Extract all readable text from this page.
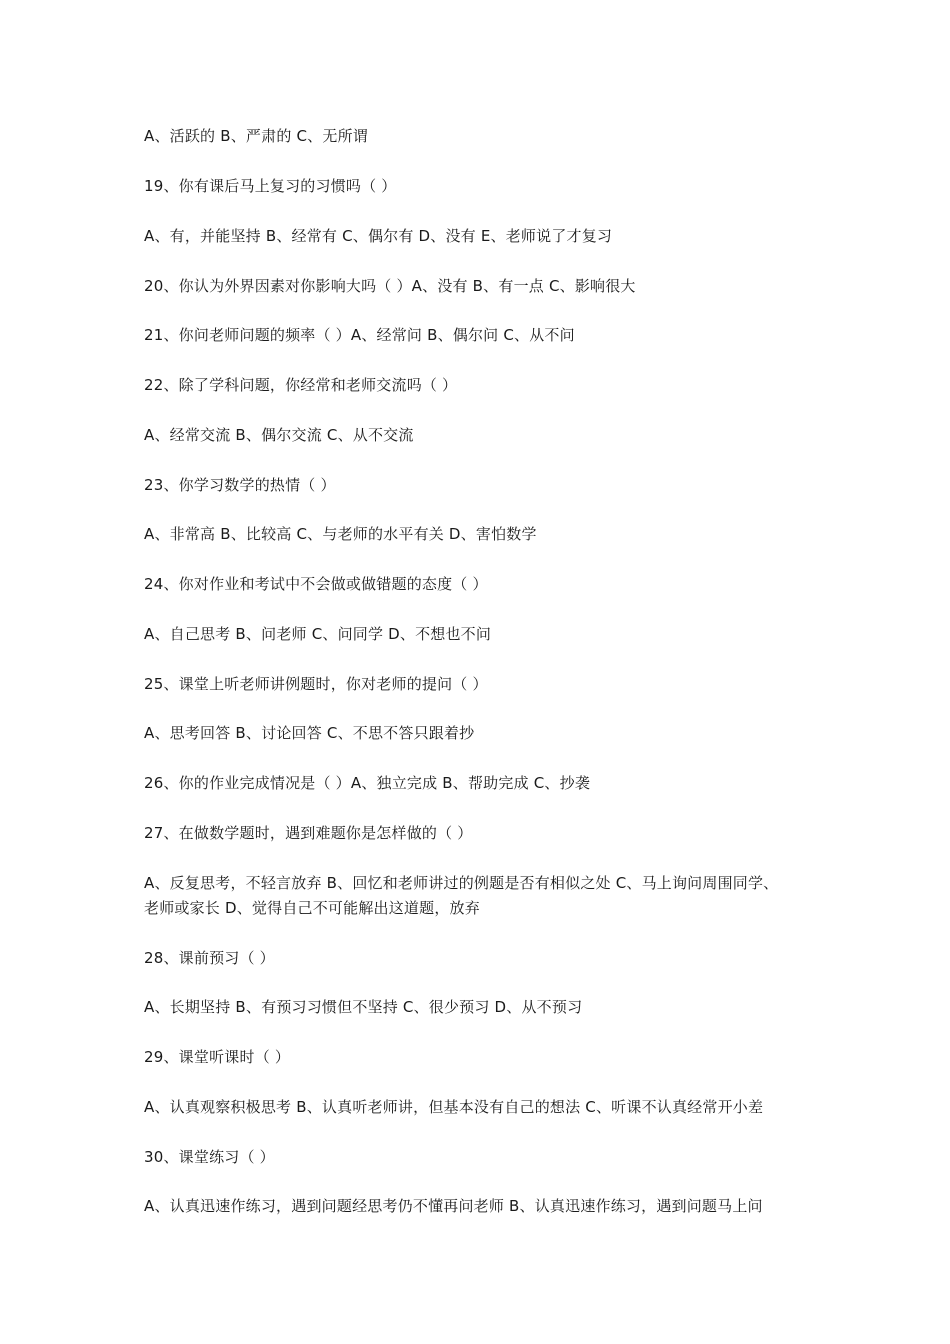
A、活跃的 B、严肃的 C、无所谓
19、你有课后马上复习的习惯吗（ ）
A、有，并能坚持 B、经常有 C、偶尔有 D、没有 E、老师说了才复习
20、你认为外界因素对你影响大吗（ ）A、没有 B、有一点 C、影响很大
21、你问老师问题的频率（ ）A、经常问 B、偶尔问 C、从不问
22、除了学科问题，你经常和老师交流吗（ ）
A、经常交流 B、偶尔交流 C、从不交流
23、你学习数学的热情（ ）
A、非常高 B、比较高 C、与老师的水平有关 D、害怕数学
24、你对作业和考试中不会做或做错题的态度（ ）
A、自己思考 B、问老师 C、问同学 D、不想也不问
25、课堂上听老师讲例题时，你对老师的提问（ ）
A、思考回答 B、讨论回答 C、不思不答只跟着抄
26、你的作业完成情况是（ ）A、独立完成 B、帮助完成 C、抄袭
27、在做数学题时，遇到难题你是怎样做的（ ）
A、反复思考，不轻言放弃 B、回忆和老师讲过的例题是否有相似之处 C、马上询问周围同学、
老师或家长 D、觉得自己不可能解出这道题，放弃
28、课前预习（ ）
A、长期坚持 B、有预习习惯但不坚持 C、很少预习 D、从不预习
29、课堂听课时（ ）
A、认真观察积极思考 B、认真听老师讲，但基本没有自己的想法 C、听课不认真经常开小差
30、课堂练习（ ）
A、认真迅速作练习，遇到问题经思考仍不懂再问老师 B、认真迅速作练习，遇到问题马上问
